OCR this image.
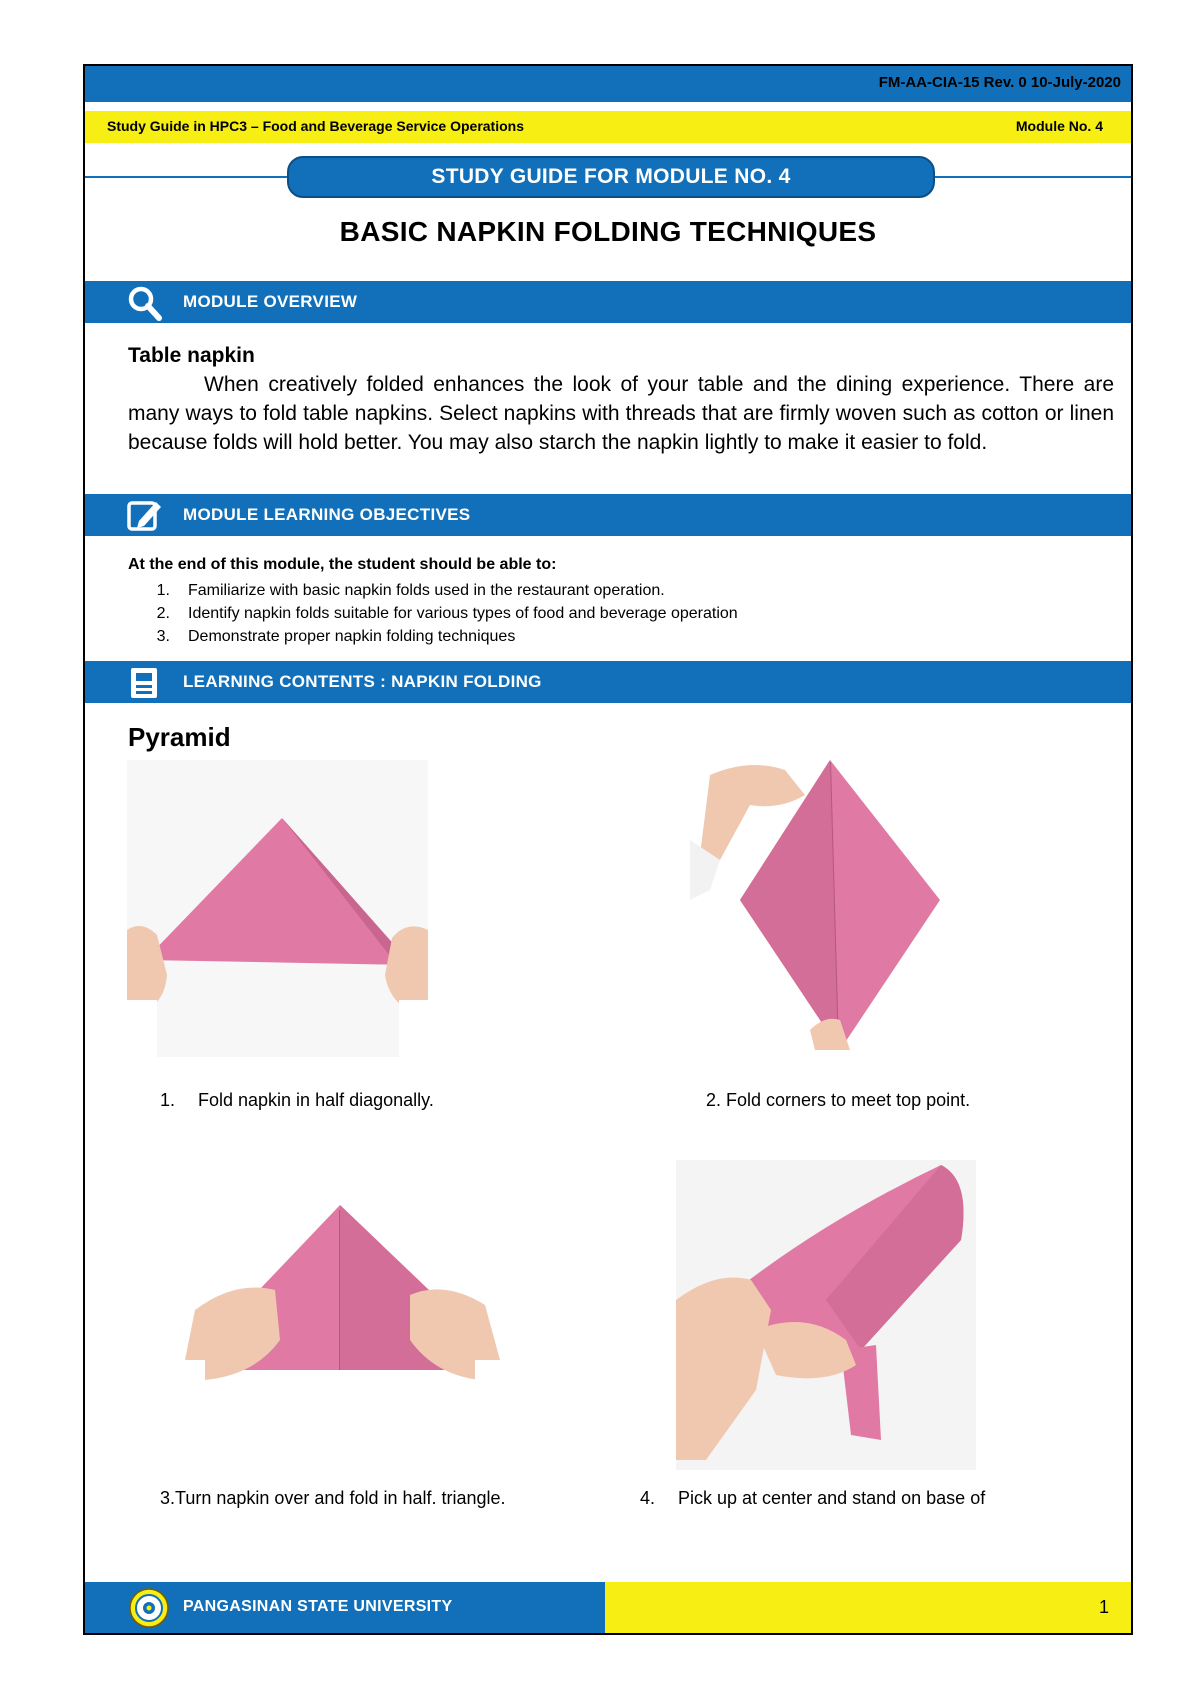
FM-AA-CIA-15 Rev. 0 10-July-2020
Study Guide in HPC3 – Food and Beverage Service Operations	Module No. 4
STUDY GUIDE FOR MODULE NO. 4
BASIC NAPKIN FOLDING TECHNIQUES
MODULE OVERVIEW
Table napkin

When creatively folded enhances the look of your table and the dining experience. There are many ways to fold table napkins. Select napkins with threads that are firmly woven such as cotton or linen because folds will hold better. You may also starch the napkin lightly to make it easier to fold.

MODULE LEARNING OBJECTIVES
At the end of this module, the student should be able to:
1. Familiarize with basic napkin folds used in the restaurant operation.
2. Identify napkin folds suitable for various types of food and beverage operation
3. Demonstrate proper napkin folding techniques
LEARNING CONTENTS : NAPKIN FOLDING
Pyramid
1. Fold napkin in half diagonally.	2. Fold corners to meet top point.
3.Turn napkin over and fold in half. triangle.	4. Pick up at center and stand on base of
PANGASINAN STATE UNIVERSITY	1
